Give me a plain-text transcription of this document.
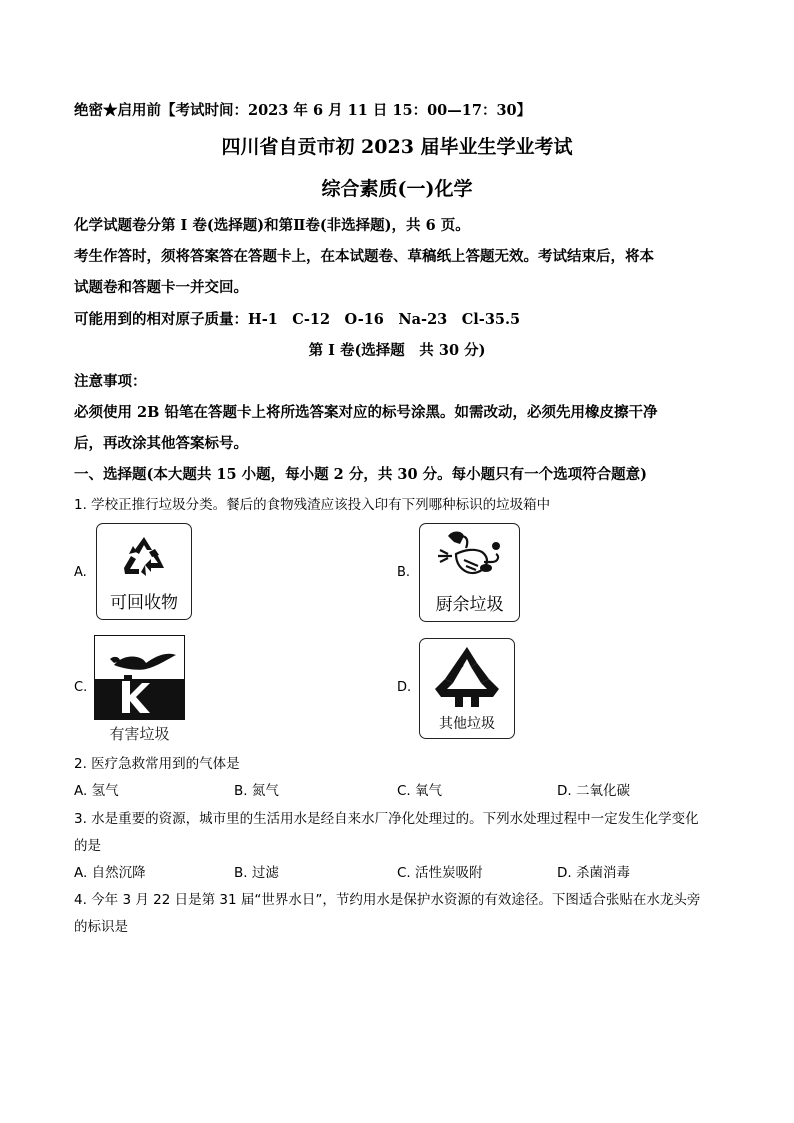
绝密★启用前【考试时间：2023 年 6 月 11 日 15：00—17：30】
四川省自贡市初 2023 届毕业生学业考试
综合素质(一)化学
化学试题卷分第 I 卷(选择题)和第Ⅱ卷(非选择题)，共 6 页。
考生作答时，须将答案答在答题卡上，在本试题卷、草稿纸上答题无效。考试结束后，将本
试题卷和答题卡一并交回。
可能用到的相对原子质量：H-1　C-12　O-16　Na-23　Cl-35.5
第 I 卷(选择题　共 30 分)
注意事项：
必须使用 2B 铅笔在答题卡上将所选答案对应的标号涂黑。如需改动，必须先用橡皮擦干净
后，再改涂其他答案标号。
一、选择题(本大题共 15 小题，每小题 2 分，共 30 分。每小题只有一个选项符合题意)
1. 学校正推行垃圾分类。餐后的食物残渣应该投入印有下列哪种标识的垃圾箱中
A.
可回收物
B.
厨余垃圾
C.
有害垃圾
D.
其他垃圾
2. 医疗急救常用到的气体是
A. 氢气	B. 氮气	C. 氧气	D. 二氧化碳
3. 水是重要的资源，城市里的生活用水是经自来水厂净化处理过的。下列水处理过程中一定发生化学变化
的是
A. 自然沉降	B. 过滤	C. 活性炭吸附	D. 杀菌消毒
4. 今年 3 月 22 日是第 31 届“世界水日”，节约用水是保护水资源的有效途径。下图适合张贴在水龙头旁
的标识是
